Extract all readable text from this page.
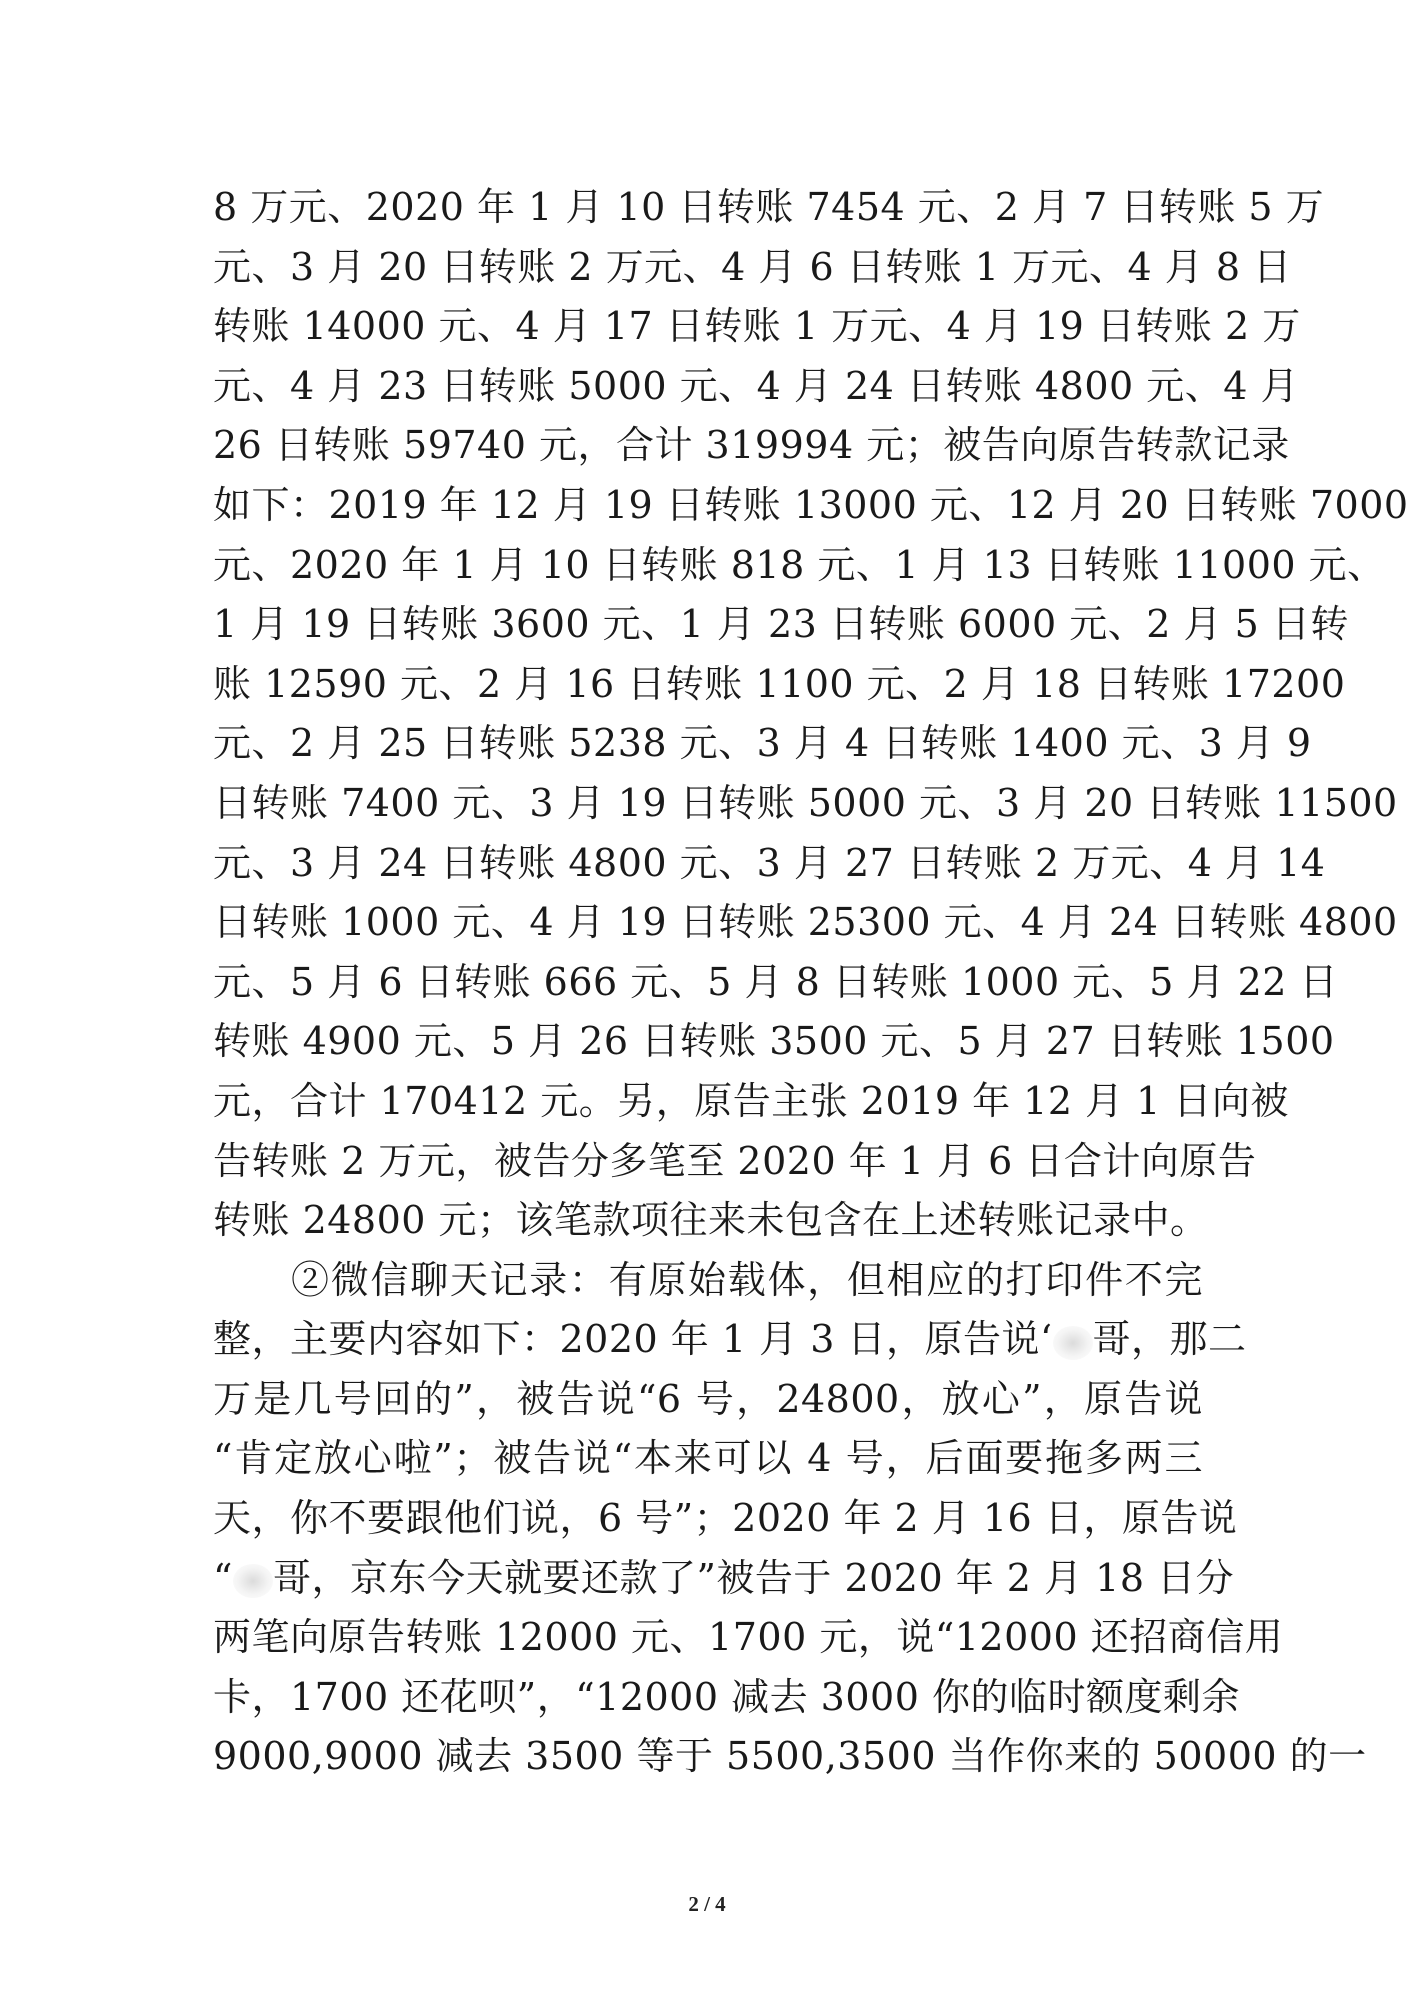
8 万元、2020 年 1 月 10 日转账 7454 元、2 月 7 日转账 5 万
元、3 月 20 日转账 2 万元、4 月 6 日转账 1 万元、4 月 8 日
转账 14000 元、4 月 17 日转账 1 万元、4 月 19 日转账 2 万
元、4 月 23 日转账 5000 元、4 月 24 日转账 4800 元、4 月
26 日转账 59740 元，合计 319994 元；被告向原告转款记录
如下：2019 年 12 月 19 日转账 13000 元、12 月 20 日转账 7000
元、2020 年 1 月 10 日转账 818 元、1 月 13 日转账 11000 元、
1 月 19 日转账 3600 元、1 月 23 日转账 6000 元、2 月 5 日转
账 12590 元、2 月 16 日转账 1100 元、2 月 18 日转账 17200
元、2 月 25 日转账 5238 元、3 月 4 日转账 1400 元、3 月 9
日转账 7400 元、3 月 19 日转账 5000 元、3 月 20 日转账 11500
元、3 月 24 日转账 4800 元、3 月 27 日转账 2 万元、4 月 14
日转账 1000 元、4 月 19 日转账 25300 元、4 月 24 日转账 4800
元、5 月 6 日转账 666 元、5 月 8 日转账 1000 元、5 月 22 日
转账 4900 元、5 月 26 日转账 3500 元、5 月 27 日转账 1500
元，合计 170412 元。另，原告主张 2019 年 12 月 1 日向被
告转账 2 万元，被告分多笔至 2020 年 1 月 6 日合计向原告
转账 24800 元；该笔款项往来未包含在上述转账记录中。
②微信聊天记录：有原始载体，但相应的打印件不完
整，主要内容如下：2020 年 1 月 3 日，原告说‘ 哥，那二
万是几号回的”，被告说“6 号，24800，放心”，原告说
“肯定放心啦”；被告说“本来可以 4 号，后面要拖多两三
天，你不要跟他们说，6 号”；2020 年 2 月 16 日，原告说
“ 哥，京东今天就要还款了”被告于 2020 年 2 月 18 日分
两笔向原告转账 12000 元、1700 元，说“12000 还招商信用
卡，1700 还花呗”，“12000 减去 3000 你的临时额度剩余
9000,9000 减去 3500 等于 5500,3500 当作你来的 50000 的一
2 / 4
